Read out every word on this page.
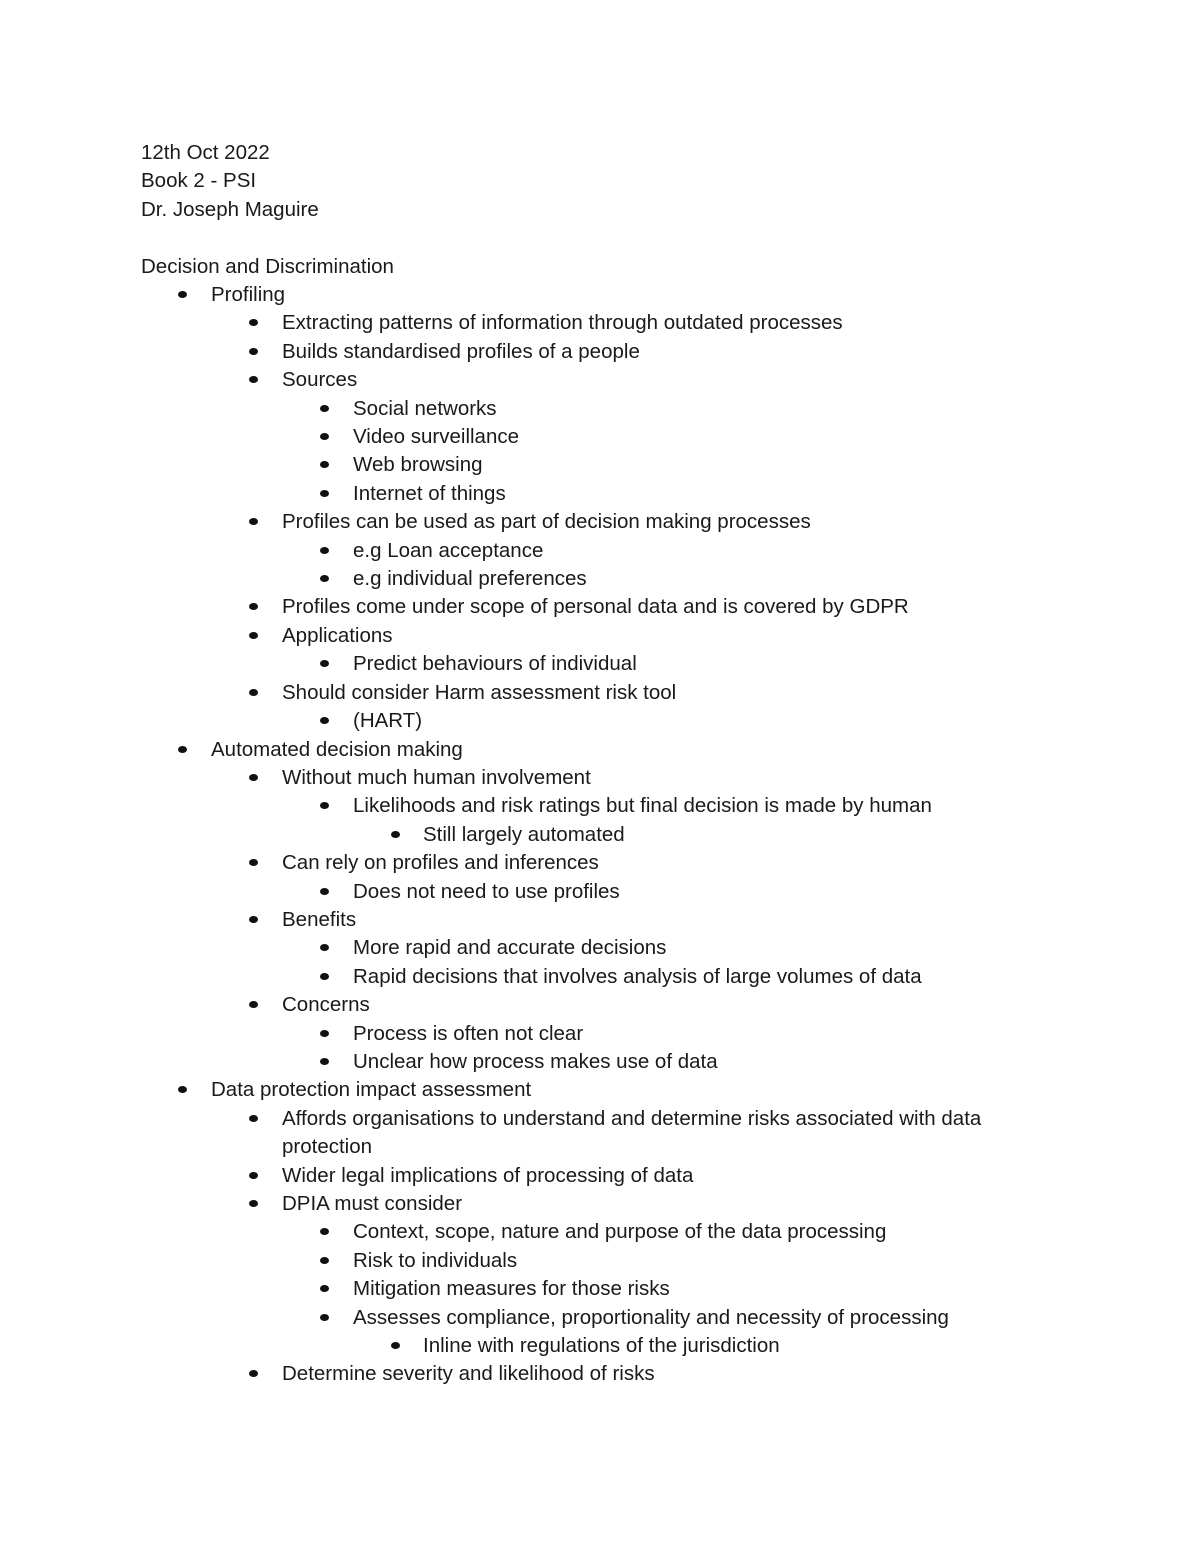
12th Oct 2022
Book 2 - PSI
Dr. Joseph Maguire
Decision and Discrimination
Profiling
Extracting patterns of information through outdated processes
Builds standardised profiles of a people
Sources
Social networks
Video surveillance
Web browsing
Internet of things
Profiles can be used as part of decision making processes
e.g Loan acceptance
e.g individual preferences
Profiles come under scope of personal data and is covered by GDPR
Applications
Predict behaviours of individual
Should consider Harm assessment risk tool
(HART)
Automated decision making
Without much human involvement
Likelihoods and risk ratings but final decision is made by human
Still largely automated
Can rely on profiles and inferences
Does not need to use profiles
Benefits
More rapid and accurate decisions
Rapid decisions that involves analysis of large volumes of data
Concerns
Process is often not clear
Unclear how process makes use of data
Data protection impact assessment
Affords organisations to understand and determine risks associated with data protection
Wider legal implications of processing of data
DPIA must consider
Context, scope, nature and purpose of the data processing
Risk to individuals
Mitigation measures for those risks
Assesses compliance, proportionality and necessity of processing
Inline with regulations of the jurisdiction
Determine severity and likelihood of risks
